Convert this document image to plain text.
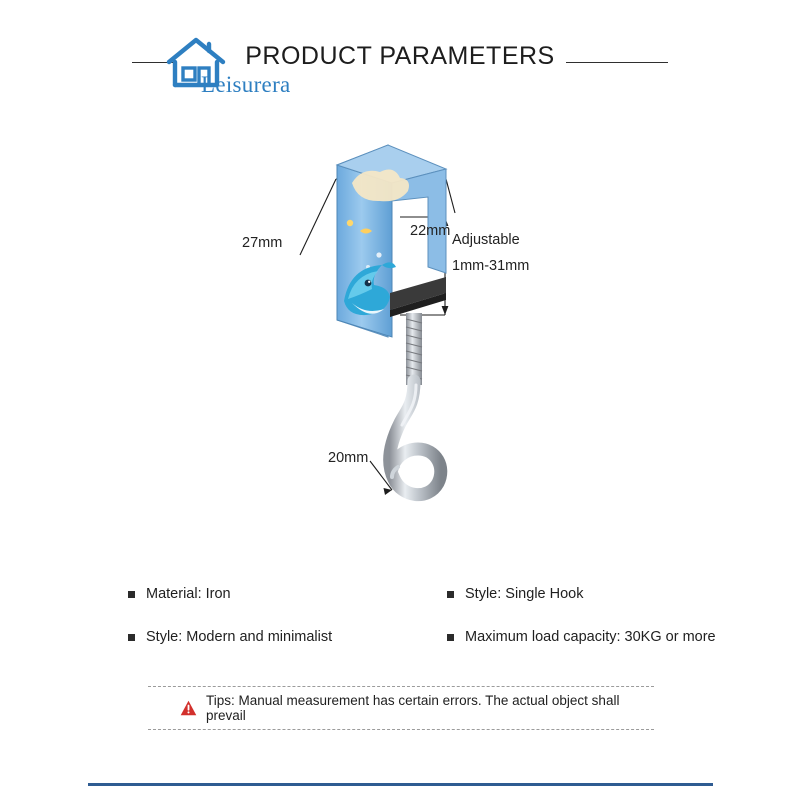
PRODUCT PARAMETERS
Leisurera
27mm
22mm
Adjustable
1mm-31mm
20mm
Material: Iron	Style: Single Hook
Style: Modern and minimalist	Maximum load capacity: 30KG or more
Tips: Manual measurement has certain errors. The actual object shall prevail
